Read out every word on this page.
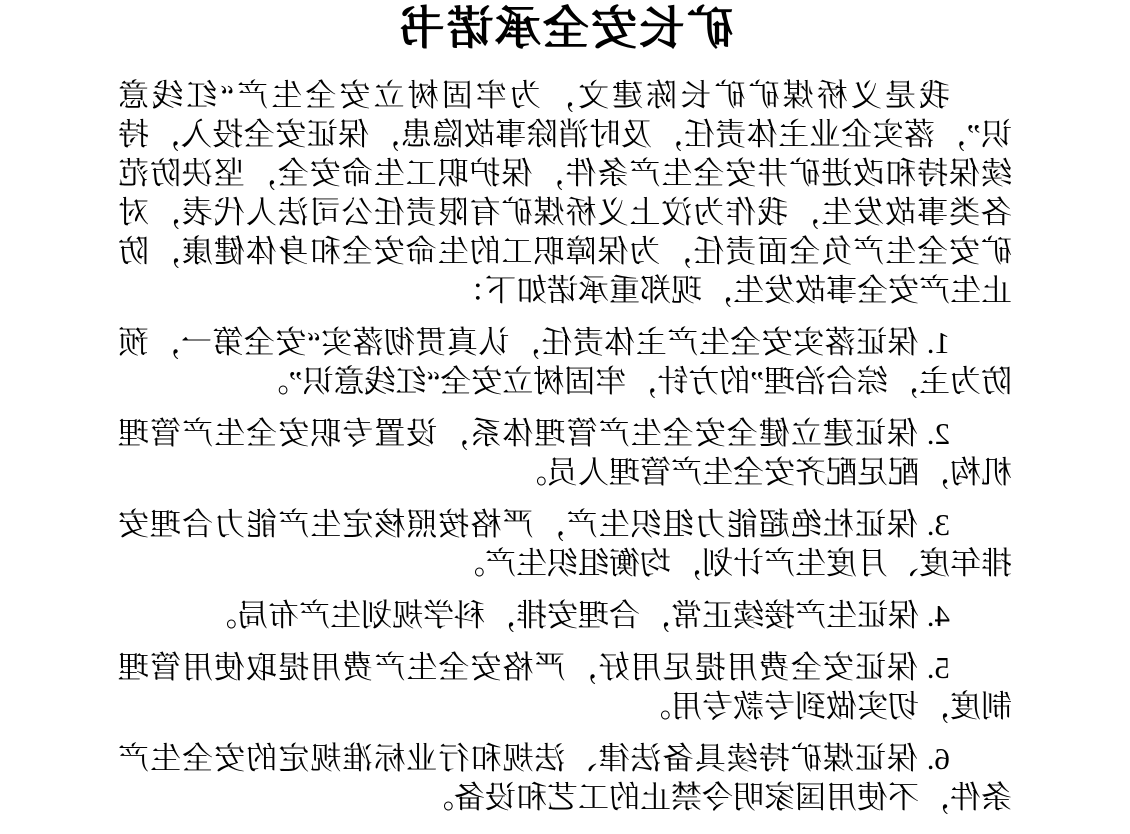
矿长安全承诺书

我是义桥煤矿矿长陈建文，为牢固树立安全生产“红线意识”，落实企业主体责任，及时消除事故隐患，保证安全投入，持续保持和改进矿井安全生产条件，保护职工生命安全，坚决防范各类事故发生，我作为汶上义桥煤矿有限责任公司法人代表，对矿安全生产负全面责任，为保障职工的生命安全和身体健康，防止生产安全事故发生，现郑重承诺如下：

1. 保证落实安全生产主体责任，认真贯彻落实“安全第一，预防为主，综合治理”的方针，牢固树立安全“红线意识”。

2. 保证建立健全安全生产管理体系，设置专职安全生产管理机构，配足配齐安全生产管理人员。

3. 保证杜绝超能力组织生产，严格按照核定生产能力合理安排年度、月度生产计划，均衡组织生产。

4. 保证生产接续正常，合理安排，科学规划生产布局。

5. 保证安全费用提足用好，严格安全生产费用提取使用管理制度，切实做到专款专用。

6. 保证煤矿持续具备法律、法规和行业标准规定的安全生产条件，不使用国家明令禁止的工艺和设备。
